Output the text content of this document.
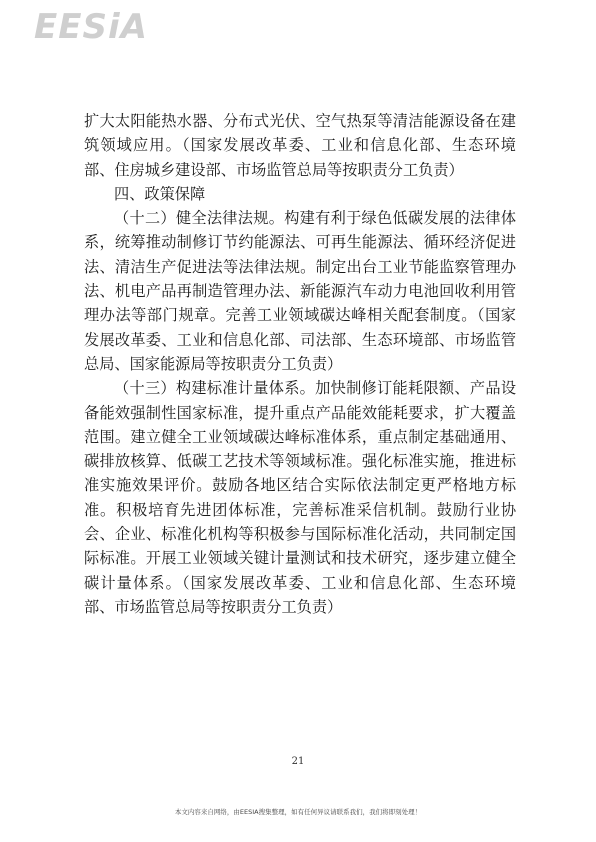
EESiA

扩大太阳能热水器、分布式光伏、空气热泵等清洁能源设备在建筑领域应用。（国家发展改革委、工业和信息化部、生态环境部、住房城乡建设部、市场监管总局等按职责分工负责）

四、政策保障

（十二）健全法律法规。构建有利于绿色低碳发展的法律体系，统筹推动制修订节约能源法、可再生能源法、循环经济促进法、清洁生产促进法等法律法规。制定出台工业节能监察管理办法、机电产品再制造管理办法、新能源汽车动力电池回收利用管理办法等部门规章。完善工业领域碳达峰相关配套制度。（国家发展改革委、工业和信息化部、司法部、生态环境部、市场监管总局、国家能源局等按职责分工负责）

（十三）构建标准计量体系。加快制修订能耗限额、产品设备能效强制性国家标准，提升重点产品能效能耗要求，扩大覆盖范围。建立健全工业领域碳达峰标准体系，重点制定基础通用、碳排放核算、低碳工艺技术等领域标准。强化标准实施，推进标准实施效果评价。鼓励各地区结合实际依法制定更严格地方标准。积极培育先进团体标准，完善标准采信机制。鼓励行业协会、企业、标准化机构等积极参与国际标准化活动，共同制定国际标准。开展工业领域关键计量测试和技术研究，逐步建立健全碳计量体系。（国家发展改革委、工业和信息化部、生态环境部、市场监管总局等按职责分工负责）

21
本文内容来自网络，由EESIA搜集整理，如有任何异议请联系我们，我们将即刻处理！
